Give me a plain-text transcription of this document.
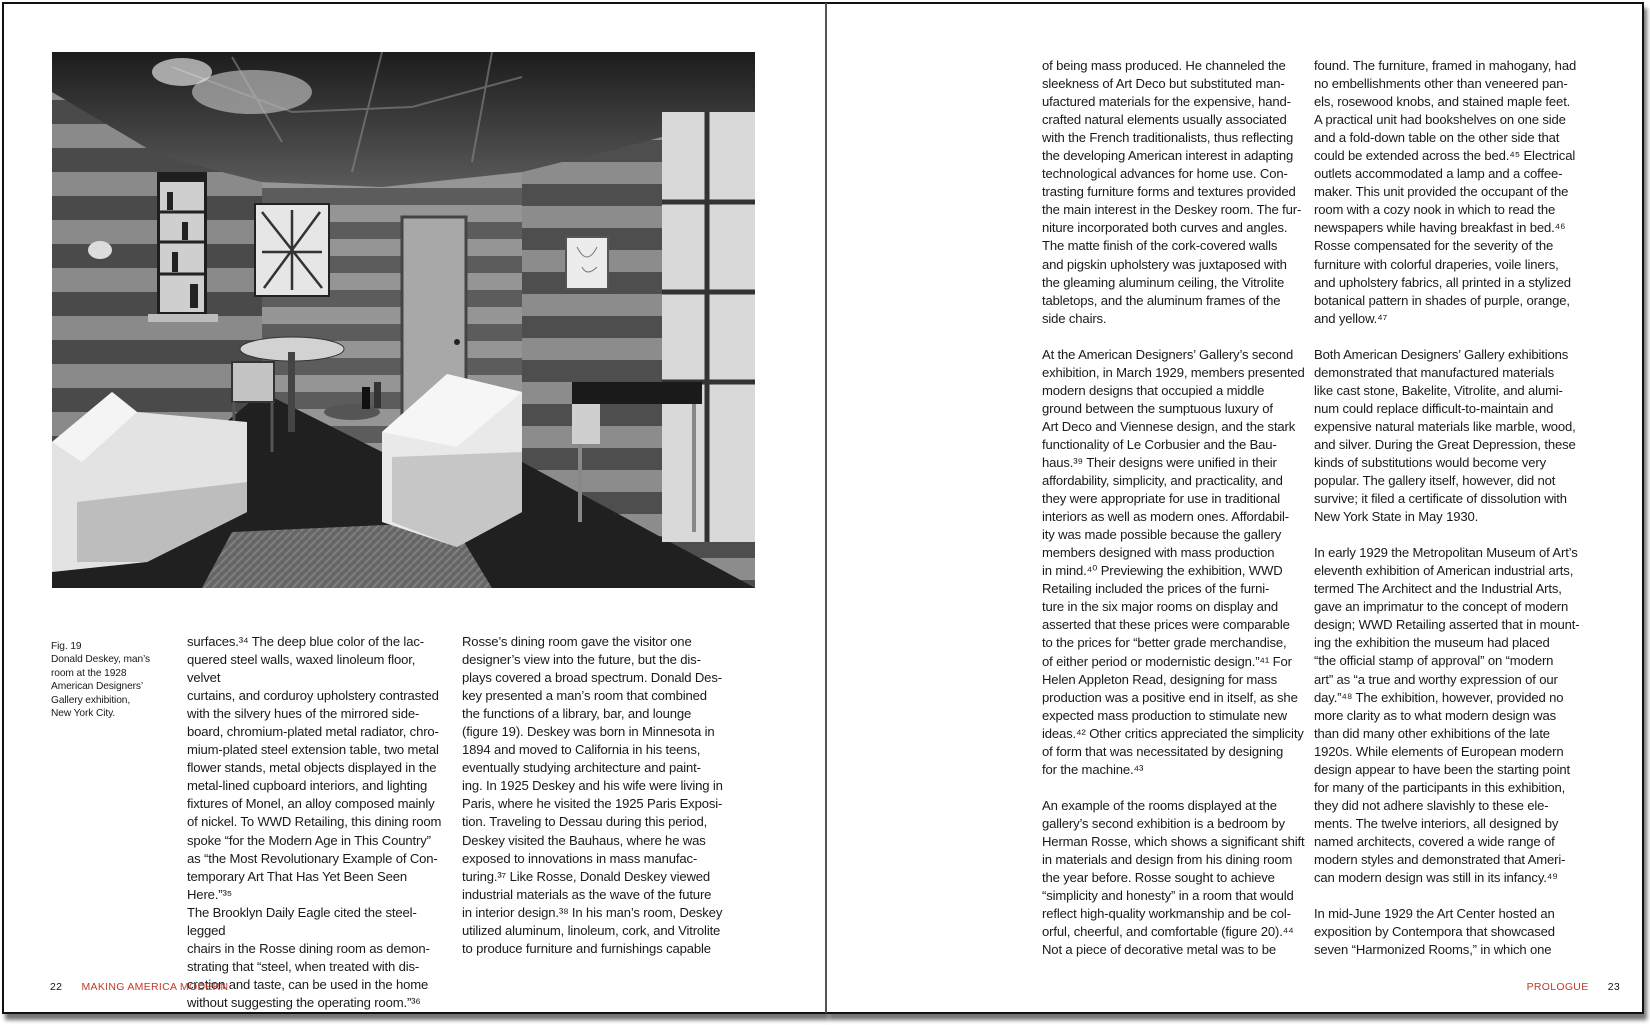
Fig. 19
Donald Deskey, man’s
room at the 1928
American Designers’
Gallery exhibition,
New York City.

surfaces.³⁴ The deep blue color of the lac-
quered steel walls, waxed linoleum floor, velvet
curtains, and corduroy upholstery contrasted
with the silvery hues of the mirrored side-
board, chromium-plated metal radiator, chro-
mium-plated steel extension table, two metal
flower stands, metal objects displayed in the
metal-lined cupboard interiors, and lighting
fixtures of Monel, an alloy composed mainly
of nickel. To WWD Retailing, this dining room
spoke “for the Modern Age in This Country”
as “the Most Revolutionary Example of Con-
temporary Art That Has Yet Been Seen Here.”³⁵
The Brooklyn Daily Eagle cited the steel-legged
chairs in the Rosse dining room as demon-
strating that “steel, when treated with dis-
cretion and taste, can be used in the home
without suggesting the operating room.”³⁶

Rosse’s dining room gave the visitor one
designer’s view into the future, but the dis-
plays covered a broad spectrum. Donald Des-
key presented a man’s room that combined
the functions of a library, bar, and lounge
(figure 19). Deskey was born in Minnesota in
1894 and moved to California in his teens,
eventually studying architecture and paint-
ing. In 1925 Deskey and his wife were living in
Paris, where he visited the 1925 Paris Exposi-
tion. Traveling to Dessau during this period,
Deskey visited the Bauhaus, where he was
exposed to innovations in mass manufac-
turing.³⁷ Like Rosse, Donald Deskey viewed
industrial materials as the wave of the future
in interior design.³⁸ In his man’s room, Deskey
utilized aluminum, linoleum, cork, and Vitrolite
to produce furniture and furnishings capable

22 MAKING AMERICA MODERN

of being mass produced. He channeled the
sleekness of Art Deco but substituted man-
ufactured materials for the expensive, hand-
crafted natural elements usually associated
with the French traditionalists, thus reflecting
the developing American interest in adapting
technological advances for home use. Con-
trasting furniture forms and textures provided
the main interest in the Deskey room. The fur-
niture incorporated both curves and angles.
The matte finish of the cork-covered walls
and pigskin upholstery was juxtaposed with
the gleaming aluminum ceiling, the Vitrolite
tabletops, and the aluminum frames of the
side chairs.

At the American Designers’ Gallery’s second
exhibition, in March 1929, members presented
modern designs that occupied a middle
ground between the sumptuous luxury of
Art Deco and Viennese design, and the stark
functionality of Le Corbusier and the Bau-
haus.³⁹ Their designs were unified in their
affordability, simplicity, and practicality, and
they were appropriate for use in traditional
interiors as well as modern ones. Affordabil-
ity was made possible because the gallery
members designed with mass production
in mind.⁴⁰ Previewing the exhibition, WWD
Retailing included the prices of the furni-
ture in the six major rooms on display and
asserted that these prices were comparable
to the prices for “better grade merchandise,
of either period or modernistic design.”⁴¹ For
Helen Appleton Read, designing for mass
production was a positive end in itself, as she
expected mass production to stimulate new
ideas.⁴² Other critics appreciated the simplicity
of form that was necessitated by designing
for the machine.⁴³

An example of the rooms displayed at the
gallery’s second exhibition is a bedroom by
Herman Rosse, which shows a significant shift
in materials and design from his dining room
the year before. Rosse sought to achieve
“simplicity and honesty” in a room that would
reflect high-quality workmanship and be col-
orful, cheerful, and comfortable (figure 20).⁴⁴
Not a piece of decorative metal was to be

found. The furniture, framed in mahogany, had
no embellishments other than veneered pan-
els, rosewood knobs, and stained maple feet.
A practical unit had bookshelves on one side
and a fold-down table on the other side that
could be extended across the bed.⁴⁵ Electrical
outlets accommodated a lamp and a coffee-
maker. This unit provided the occupant of the
room with a cozy nook in which to read the
newspapers while having breakfast in bed.⁴⁶
Rosse compensated for the severity of the
furniture with colorful draperies, voile liners,
and upholstery fabrics, all printed in a stylized
botanical pattern in shades of purple, orange,
and yellow.⁴⁷

Both American Designers’ Gallery exhibitions
demonstrated that manufactured materials
like cast stone, Bakelite, Vitrolite, and alumi-
num could replace difficult-to-maintain and
expensive natural materials like marble, wood,
and silver. During the Great Depression, these
kinds of substitutions would become very
popular. The gallery itself, however, did not
survive; it filed a certificate of dissolution with
New York State in May 1930.

In early 1929 the Metropolitan Museum of Art’s
eleventh exhibition of American industrial arts,
termed The Architect and the Industrial Arts,
gave an imprimatur to the concept of modern
design; WWD Retailing asserted that in mount-
ing the exhibition the museum had placed
“the official stamp of approval” on “modern
art” as “a true and worthy expression of our
day.”⁴⁸ The exhibition, however, provided no
more clarity as to what modern design was
than did many other exhibitions of the late
1920s. While elements of European modern
design appear to have been the starting point
for many of the participants in this exhibition,
they did not adhere slavishly to these ele-
ments. The twelve interiors, all designed by
named architects, covered a wide range of
modern styles and demonstrated that Ameri-
can modern design was still in its infancy.⁴⁹

In mid-June 1929 the Art Center hosted an
exposition by Contempora that showcased
seven “Harmonized Rooms,” in which one

PROLOGUE 23
